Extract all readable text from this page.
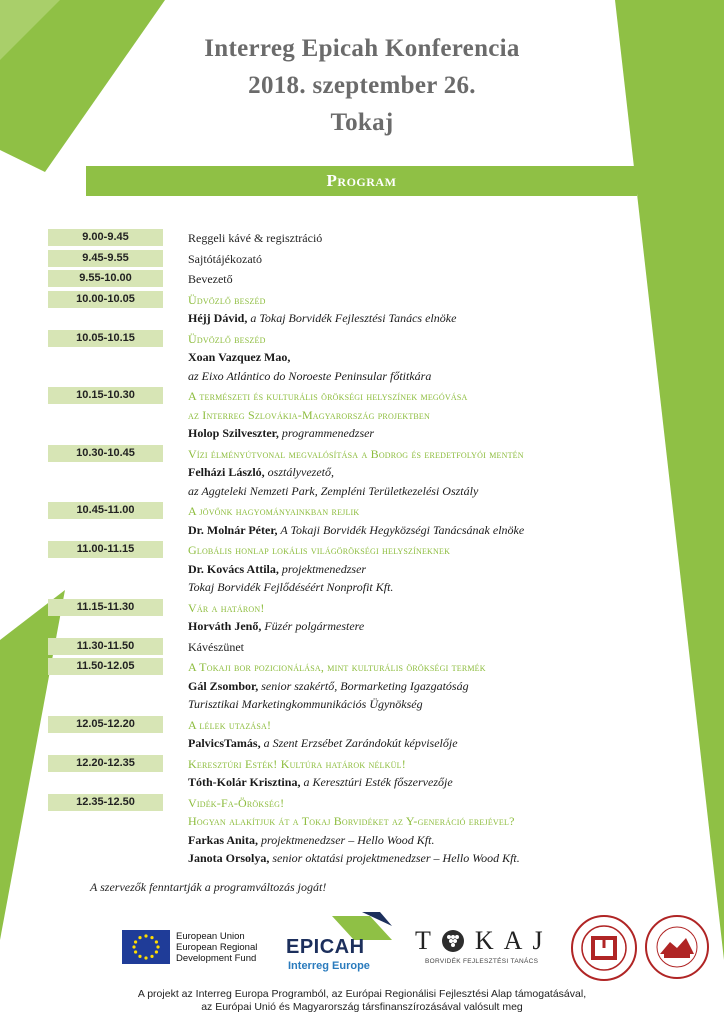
Interreg Epicah Konferencia
2018. szeptember 26.
Tokaj
Program
9.00-9.45	Reggeli kávé & regisztráció
9.45-9.55	Sajtótájékozató
9.55-10.00	Bevezető
10.00-10.05	Üdvözlő beszéd
Héjj Dávid, a Tokaj Borvidék Fejlesztési Tanács elnöke
10.05-10.15	Üdvözlő beszéd
Xoan Vazquez Mao,
az Eixo Atlántico do Noroeste Peninsular főtitkára
10.15-10.30	A természeti és kulturális örökségi helyszínek megóvása
az Interreg Szlovákia-Magyarország projektben
Holop Szilveszter, programmenedzser
10.30-10.45	Vízi élményútvonal megvalósítása a Bodrog és eredetfolyói mentén
Felházi László, osztályvezető,
az Aggteleki Nemzeti Park, Zempléni Területkezelési Osztály
10.45-11.00	A jövőnk hagyományainkban rejlik
Dr. Molnár Péter, A Tokaji Borvidék Hegyközségi Tanácsának elnöke
11.00-11.15	Globális honlap lokális világörökségi helyszíneknek
Dr. Kovács Attila, projektmenedzser
Tokaj Borvidék Fejlődéséért Nonprofit Kft.
11.15-11.30	Vár a határon!
Horváth Jenő, Füzér polgármestere
11.30-11.50	Kávészünet
11.50-12.05	A Tokaji bor pozicionálása, mint kulturális örökségi termék
Gál Zsombor, senior szakértő, Bormarketing Igazgatóság
Turisztikai Marketingkommunikációs Ügynökség
12.05-12.20	A lélek utazása!
PalvicsTamás, a Szent Erzsébet Zarándokút képviselője
12.20-12.35	Keresztúri Esték! Kultúra határok nélkül!
Tóth-Kolár Krisztina, a Keresztúri Esték főszervezője
12.35-12.50	Vidék-Fa-Örökség!
Hogyan alakítjuk át a Tokaj Borvidéket az Y-generáció erejével?
Farkas Anita, projektmenedzser – Hello Wood Kft.
Janota Orsolya, senior oktatási projektmenedzser – Hello Wood Kft.
A szervezők fenntartják a programváltozás jogát!
European Union
European Regional
Development Fund EPICAH
Interreg Europe
T KAJ
BORVIDÉK FEJLESZTÉSI TANÁCS
A projekt az Interreg Europa Programból, az Európai Regionálisi Fejlesztési Alap támogatásával,
az Európai Unió és Magyarország társfinanszírozásával valósult meg
